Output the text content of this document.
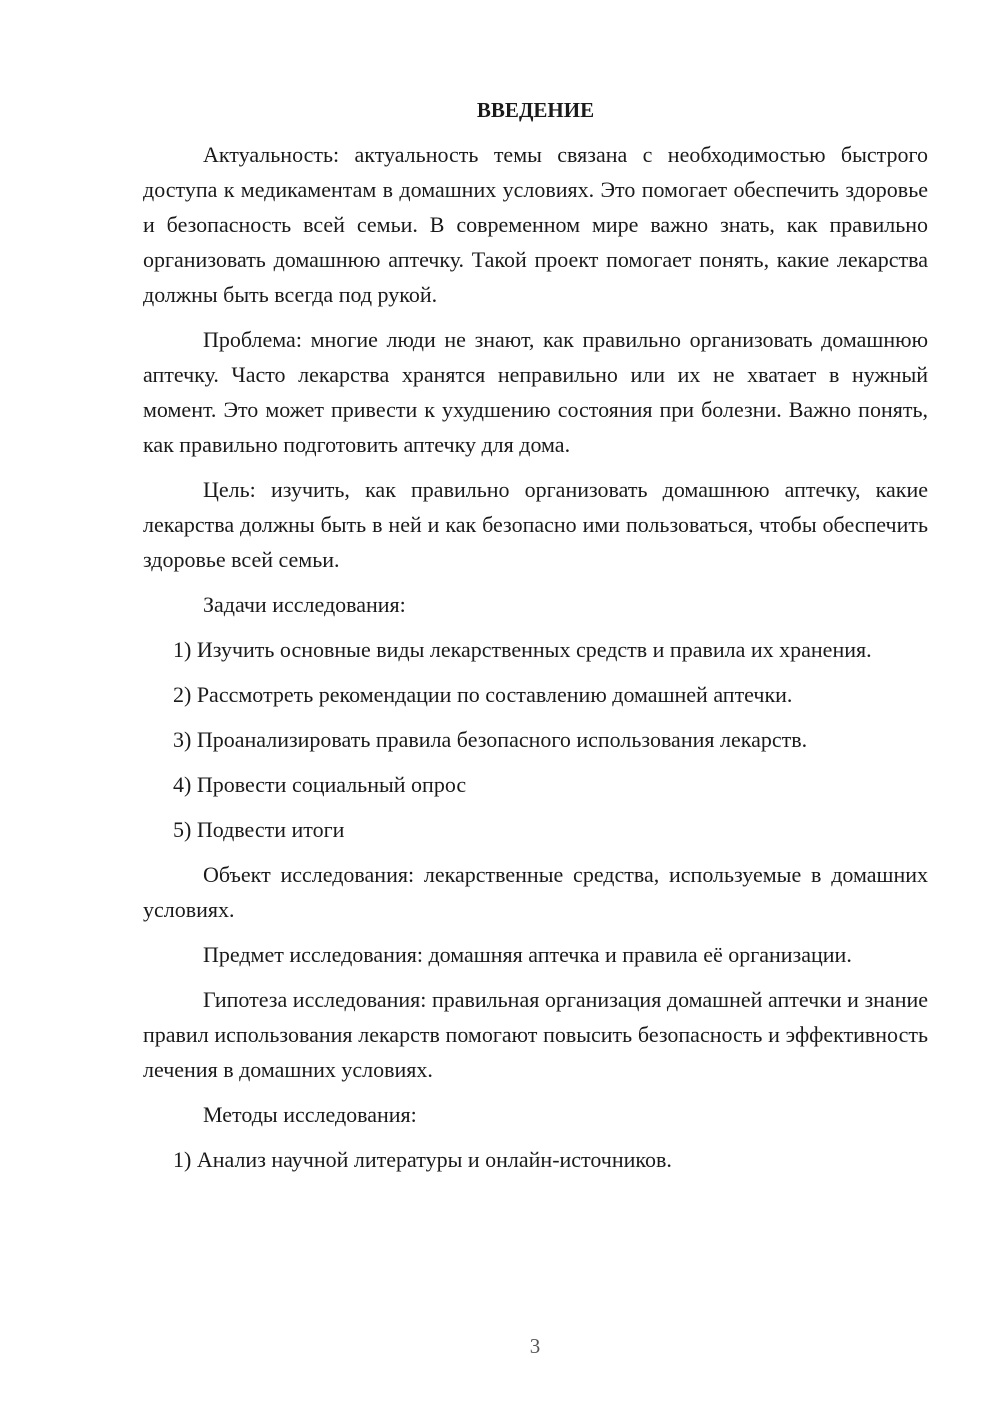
ВВЕДЕНИЕ

Актуальность: актуальность темы связана с необходимостью быстрого доступа к медикаментам в домашних условиях. Это помогает обеспечить здоровье и безопасность всей семьи. В современном мире важно знать, как правильно организовать домашнюю аптечку. Такой проект помогает понять, какие лекарства должны быть всегда под рукой.

Проблема: многие люди не знают, как правильно организовать домашнюю аптечку. Часто лекарства хранятся неправильно или их не хватает в нужный момент. Это может привести к ухудшению состояния при болезни. Важно понять, как правильно подготовить аптечку для дома.

Цель: изучить, как правильно организовать домашнюю аптечку, какие лекарства должны быть в ней и как безопасно ими пользоваться, чтобы обеспечить здоровье всей семьи.

Задачи исследования:

1) Изучить основные виды лекарственных средств и правила их хранения.

2) Рассмотреть рекомендации по составлению домашней аптечки.

3) Проанализировать правила безопасного использования лекарств.

4) Провести социальный опрос

5) Подвести итоги

Объект исследования: лекарственные средства, используемые в домашних условиях.

Предмет исследования: домашняя аптечка и правила её организации.

Гипотеза исследования: правильная организация домашней аптечки и знание правил использования лекарств помогают повысить безопасность и эффективность лечения в домашних условиях.

Методы исследования:

1) Анализ научной литературы и онлайн-источников.

3
